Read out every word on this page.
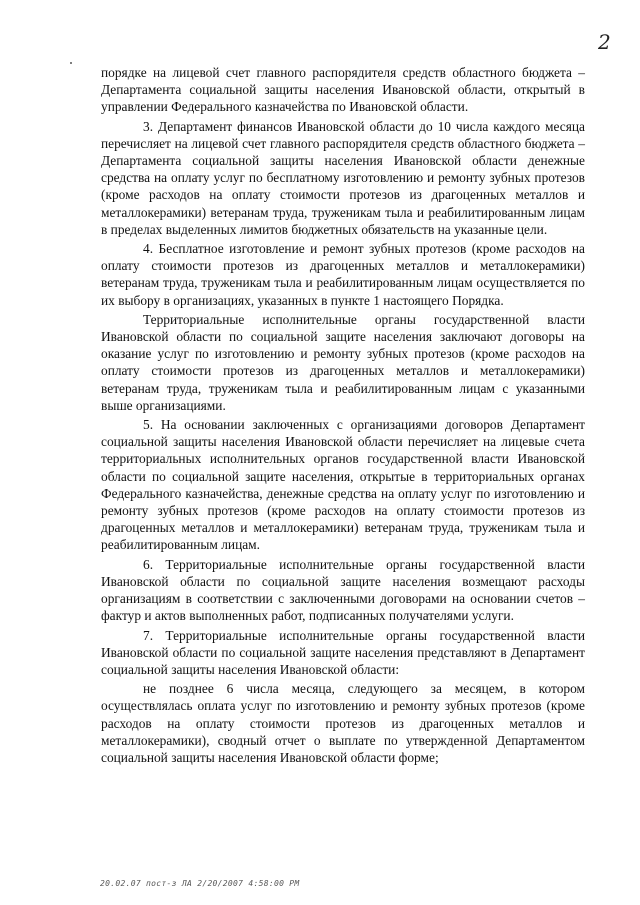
2

порядке на лицевой счет главного распорядителя средств областного бюджета – Департамента социальной защиты населения Ивановской области, открытый в управлении Федерального казначейства по Ивановской области.

3. Департамент финансов Ивановской области до 10 числа каждого месяца перечисляет на лицевой счет главного распорядителя средств областного бюджета – Департамента социальной защиты населения Ивановской области денежные средства на оплату услуг по бесплатному изготовлению и ремонту зубных протезов (кроме расходов на оплату стоимости протезов из драгоценных металлов и металлокерамики) ветеранам труда, труженикам тыла и реабилитированным лицам в пределах выделенных лимитов бюджетных обязательств на указанные цели.

4. Бесплатное изготовление и ремонт зубных протезов (кроме расходов на оплату стоимости протезов из драгоценных металлов и металлокерамики) ветеранам труда, труженикам тыла и реабилитированным лицам осуществляется по их выбору в организациях, указанных в пункте 1 настоящего Порядка.

Территориальные исполнительные органы государственной власти Ивановской области по социальной защите населения заключают договоры на оказание услуг по изготовлению и ремонту зубных протезов (кроме расходов на оплату стоимости протезов из драгоценных металлов и металлокерамики) ветеранам труда, труженикам тыла и реабилитированным лицам с указанными выше организациями.

5. На основании заключенных с организациями договоров Департамент социальной защиты населения Ивановской области перечисляет на лицевые счета территориальных исполнительных органов государственной власти Ивановской области по социальной защите населения, открытые в территориальных органах Федерального казначейства, денежные средства на оплату услуг по изготовлению и ремонту зубных протезов (кроме расходов на оплату стоимости протезов из драгоценных металлов и металлокерамики) ветеранам труда, труженикам тыла и реабилитированным лицам.

6. Территориальные исполнительные органы государственной власти Ивановской области по социальной защите населения возмещают расходы организациям в соответствии с заключенными договорами на основании счетов – фактур и актов выполненных работ, подписанных получателями услуги.

7. Территориальные исполнительные органы государственной власти Ивановской области по социальной защите населения представляют в Департамент социальной защиты населения Ивановской области:

не позднее 6 числа месяца, следующего за месяцем, в котором осуществлялась оплата услуг по изготовлению и ремонту зубных протезов (кроме расходов на оплату стоимости протезов из драгоценных металлов и металлокерамики), сводный отчет о выплате по утвержденной Департаментом социальной защиты населения Ивановской области форме;

20.02.07 пост-з ЛА 2/20/2007 4:58:00 PM
